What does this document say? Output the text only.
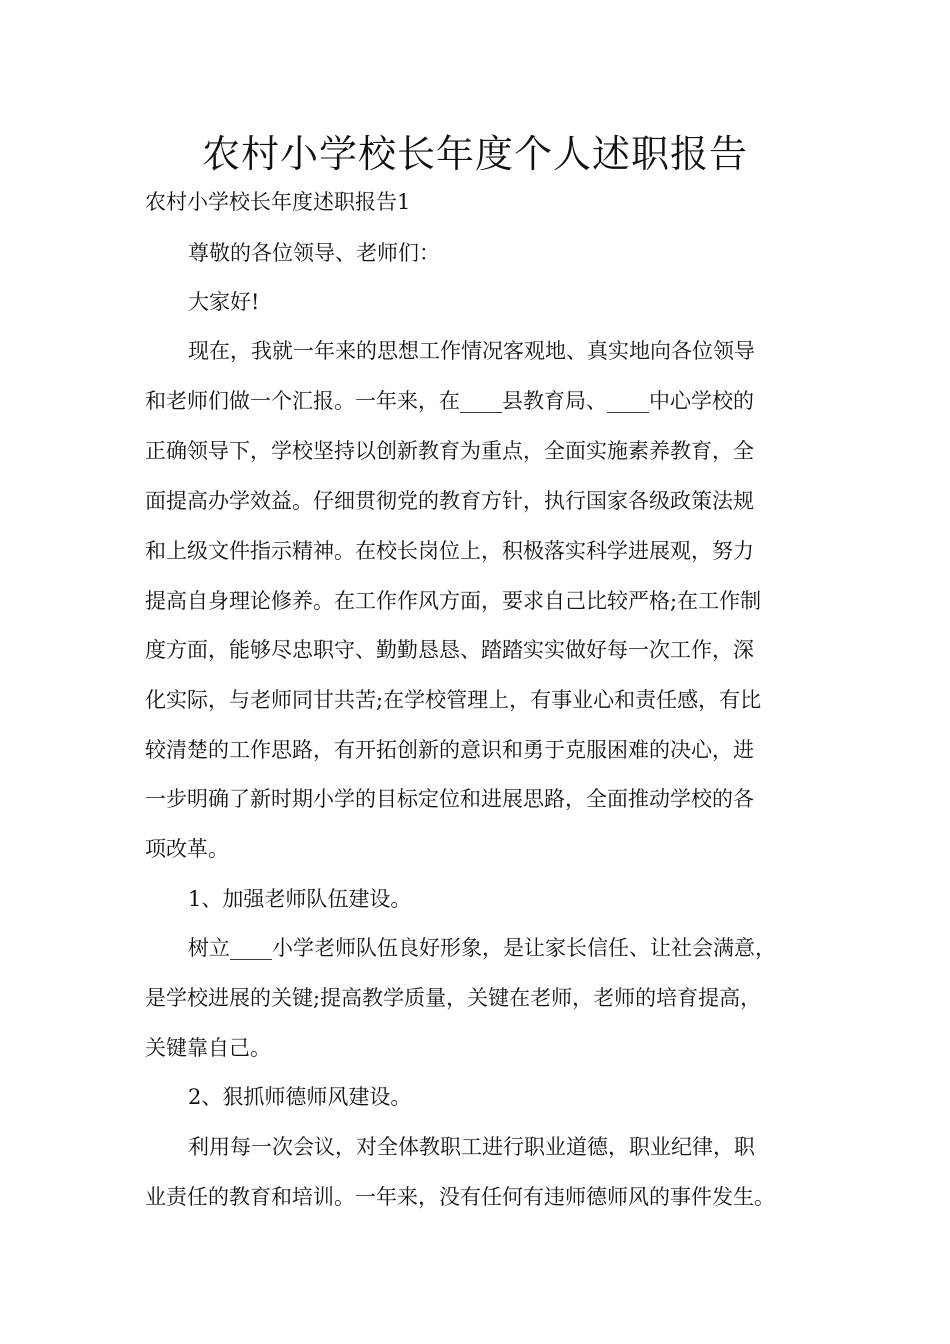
农村小学校长年度个人述职报告
农村小学校长年度述职报告1
尊敬的各位领导、老师们：
大家好!
现在，我就一年来的思想工作情况客观地、真实地向各位领导
和老师们做一个汇报。一年来，在____县教育局、____中心学校的
正确领导下，学校坚持以创新教育为重点，全面实施素养教育，全
面提高办学效益。仔细贯彻党的教育方针，执行国家各级政策法规
和上级文件指示精神。在校长岗位上，积极落实科学进展观，努力
提高自身理论修养。在工作作风方面，要求自己比较严格;在工作制
度方面，能够尽忠职守、勤勤恳恳、踏踏实实做好每一次工作，深
化实际，与老师同甘共苦;在学校管理上，有事业心和责任感，有比
较清楚的工作思路，有开拓创新的意识和勇于克服困难的决心，进
一步明确了新时期小学的目标定位和进展思路，全面推动学校的各
项改革。
1、加强老师队伍建设。
树立____小学老师队伍良好形象，是让家长信任、让社会满意，
是学校进展的关键;提高教学质量，关键在老师，老师的培育提高，
关键靠自己。
2、狠抓师德师风建设。
利用每一次会议，对全体教职工进行职业道德，职业纪律，职
业责任的教育和培训。一年来，没有任何有违师德师风的事件发生。
